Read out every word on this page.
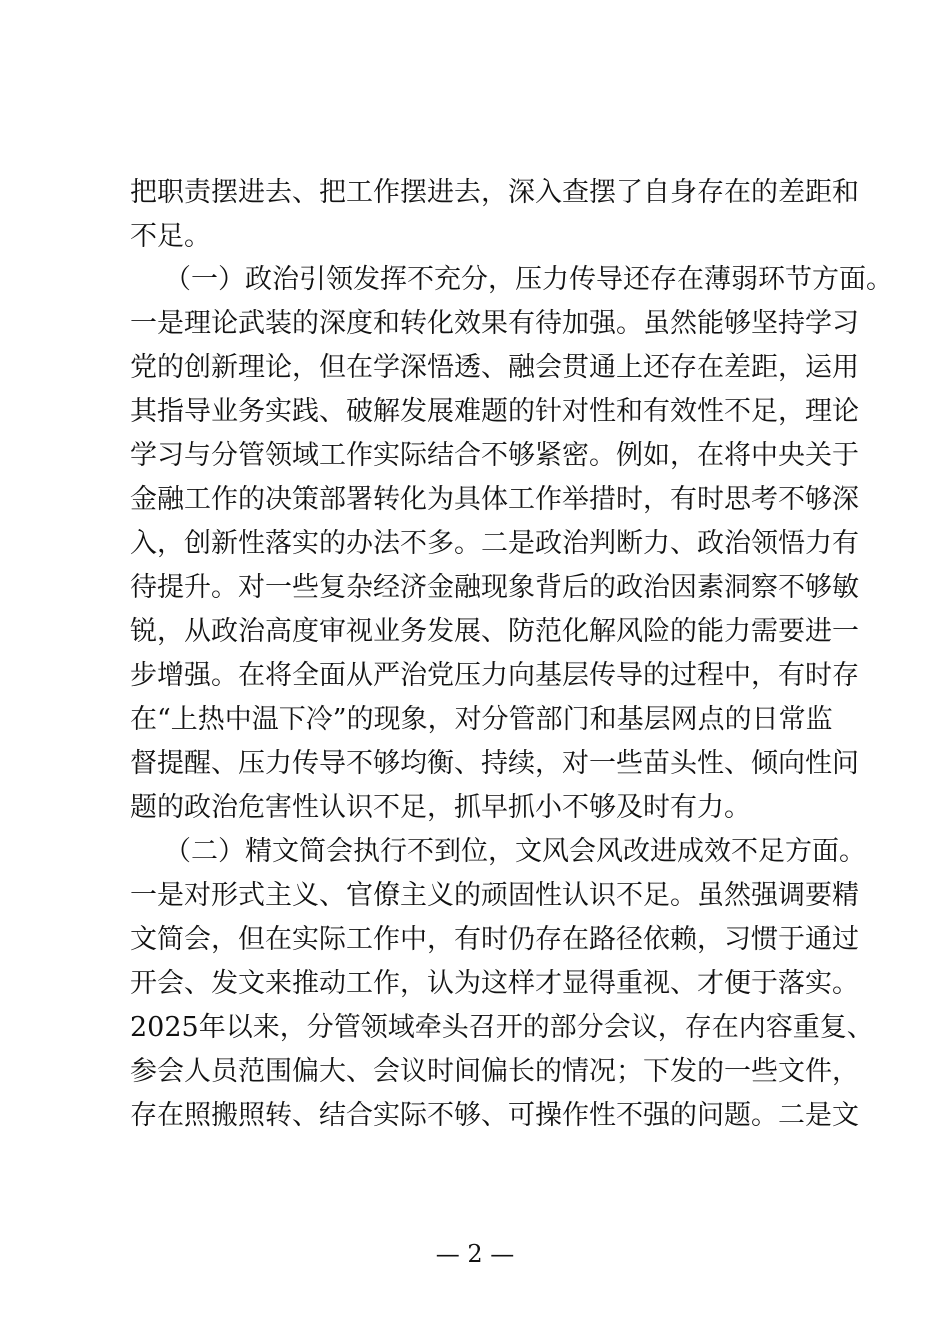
把职责摆进去、把工作摆进去，深入查摆了自身存在的差距和
不足。
（一）政治引领发挥不充分，压力传导还存在薄弱环节方面。
一是理论武装的深度和转化效果有待加强。虽然能够坚持学习
党的创新理论，但在学深悟透、融会贯通上还存在差距，运用
其指导业务实践、破解发展难题的针对性和有效性不足，理论
学习与分管领域工作实际结合不够紧密。例如，在将中央关于
金融工作的决策部署转化为具体工作举措时，有时思考不够深
入，创新性落实的办法不多。二是政治判断力、政治领悟力有
待提升。对一些复杂经济金融现象背后的政治因素洞察不够敏
锐，从政治高度审视业务发展、防范化解风险的能力需要进一
步增强。在将全面从严治党压力向基层传导的过程中，有时存
在“上热中温下冷”的现象，对分管部门和基层网点的日常监
督提醒、压力传导不够均衡、持续，对一些苗头性、倾向性问
题的政治危害性认识不足，抓早抓小不够及时有力。
（二）精文简会执行不到位，文风会风改进成效不足方面。
一是对形式主义、官僚主义的顽固性认识不足。虽然强调要精
文简会，但在实际工作中，有时仍存在路径依赖，习惯于通过
开会、发文来推动工作，认为这样才显得重视、才便于落实。
2025年以来，分管领域牵头召开的部分会议，存在内容重复、
参会人员范围偏大、会议时间偏长的情况；下发的一些文件，
存在照搬照转、结合实际不够、可操作性不强的问题。二是文
— 2 —
